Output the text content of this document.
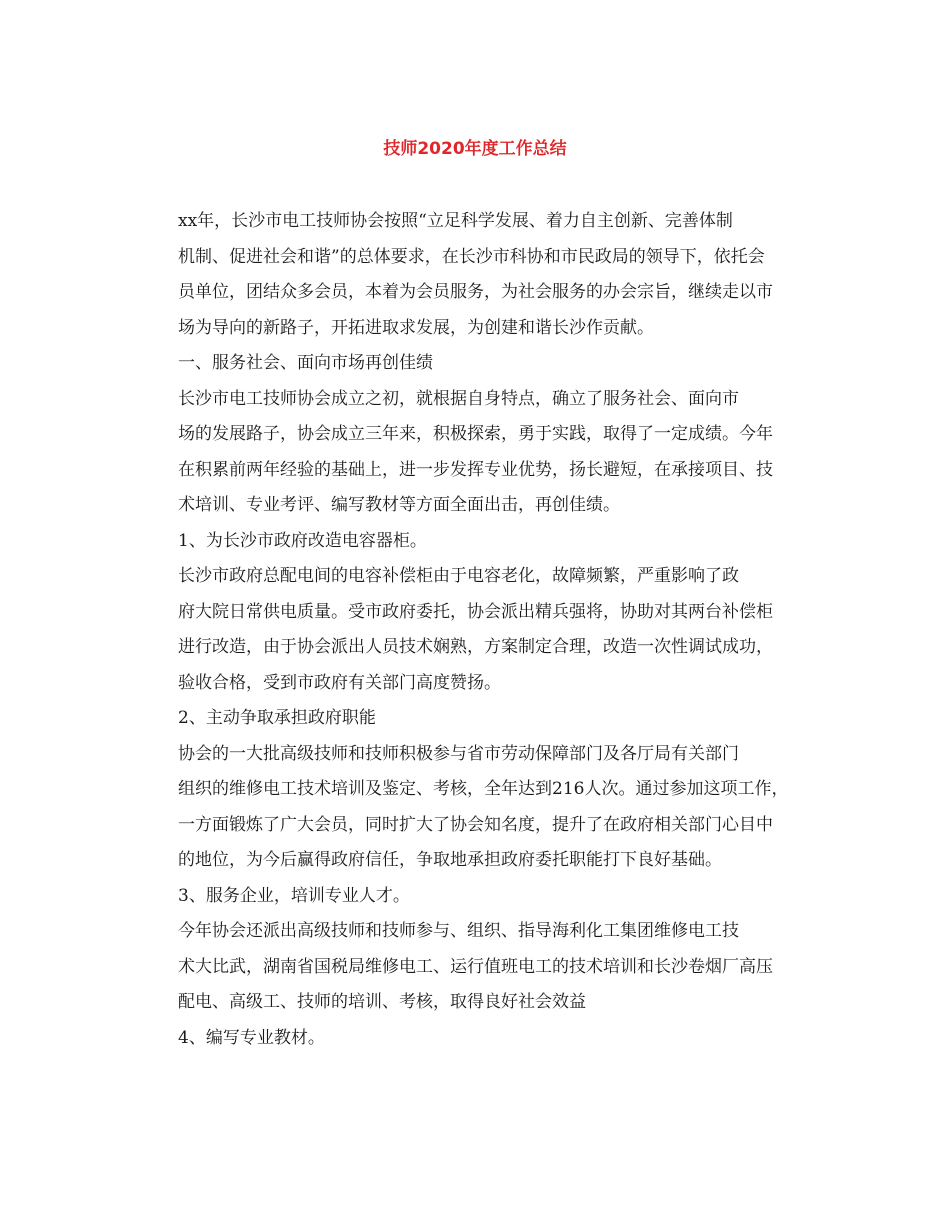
技师2020年度工作总结

xx年，长沙市电工技师协会按照“立足科学发展、着力自主创新、完善体制
机制、促进社会和谐”的总体要求，在长沙市科协和市民政局的领导下，依托会
员单位，团结众多会员，本着为会员服务，为社会服务的办会宗旨，继续走以市
场为导向的新路子，开拓进取求发展，为创建和谐长沙作贡献。

一、服务社会、面向市场再创佳绩

长沙市电工技师协会成立之初，就根据自身特点，确立了服务社会、面向市
场的发展路子，协会成立三年来，积极探索，勇于实践，取得了一定成绩。今年
在积累前两年经验的基础上，进一步发挥专业优势，扬长避短，在承接项目、技
术培训、专业考评、编写教材等方面全面出击，再创佳绩。

1、为长沙市政府改造电容器柜。

长沙市政府总配电间的电容补偿柜由于电容老化，故障频繁，严重影响了政
府大院日常供电质量。受市政府委托，协会派出精兵强将，协助对其两台补偿柜
进行改造，由于协会派出人员技术娴熟，方案制定合理，改造一次性调试成功，
验收合格，受到市政府有关部门高度赞扬。

2、主动争取承担政府职能

协会的一大批高级技师和技师积极参与省市劳动保障部门及各厅局有关部门
组织的维修电工技术培训及鉴定、考核，全年达到216人次。通过参加这项工作，
一方面锻炼了广大会员，同时扩大了协会知名度，提升了在政府相关部门心目中
的地位，为今后赢得政府信任，争取地承担政府委托职能打下良好基础。

3、服务企业，培训专业人才。

今年协会还派出高级技师和技师参与、组织、指导海利化工集团维修电工技
术大比武，湖南省国税局维修电工、运行值班电工的技术培训和长沙卷烟厂高压
配电、高级工、技师的培训、考核，取得良好社会效益

4、编写专业教材。
